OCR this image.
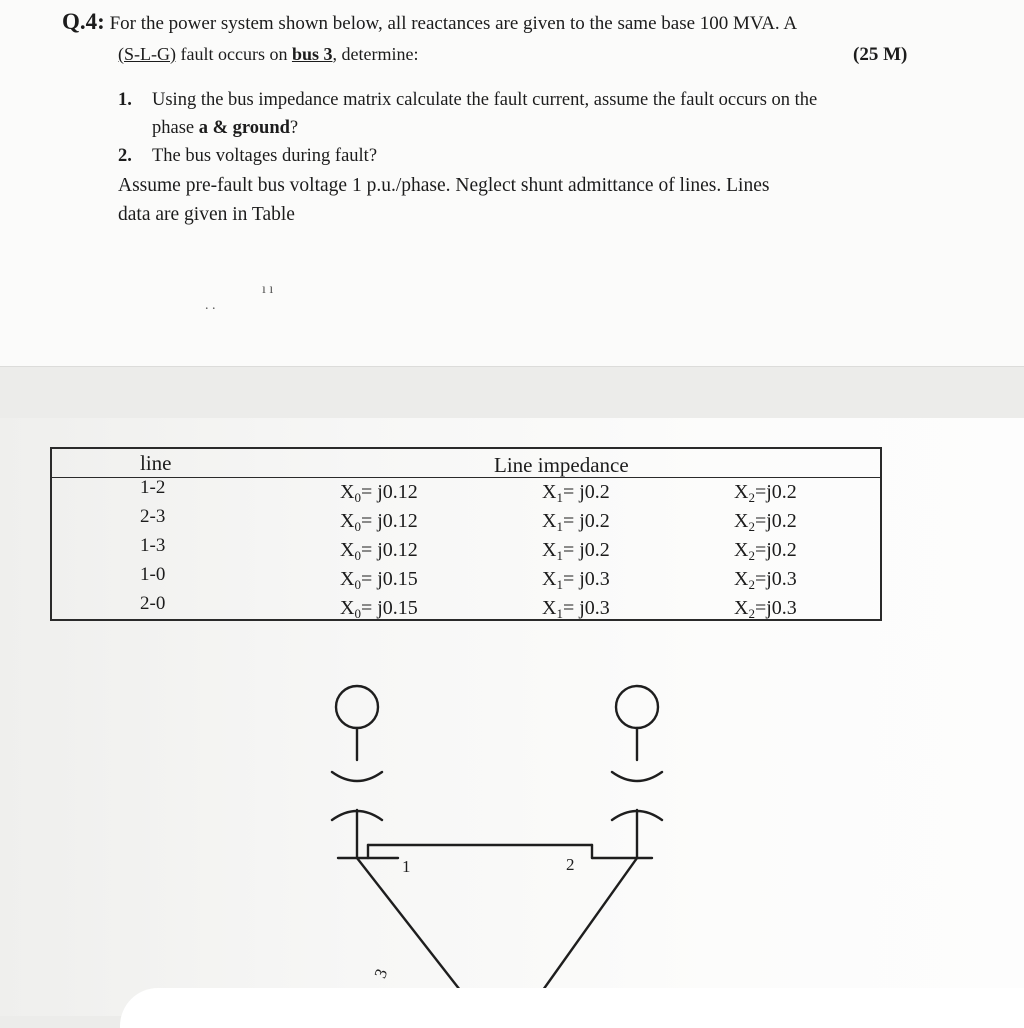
Q.4: For the power system shown below, all reactances are given to the same base 100 MVA. A
(S-L-G) fault occurs on bus 3, determine:	(25 M)
1. Using the bus impedance matrix calculate the fault current, assume the fault occurs on the
phase a & ground?
2. The bus voltages during fault?
Assume pre-fault bus voltage 1 p.u./phase. Neglect shunt admittance of lines. Lines
data are given in Table
ı ı
. .
line	Line impedance
1-2	$X_0= j0.12$	$X_1= j0.2$	$X_2=j0.2$
2-3	$X_0= j0.12$	$X_1= j0.2$	$X_2=j0.2$
1-3	$X_0= j0.12$	$X_1= j0.2$	$X_2=j0.2$
1-0	$X_0= j0.15$	$X_1= j0.3$	$X_2=j0.3$
2-0	$X_0= j0.15$	$X_1= j0.3$	$X_2=j0.3$
1	2
3
